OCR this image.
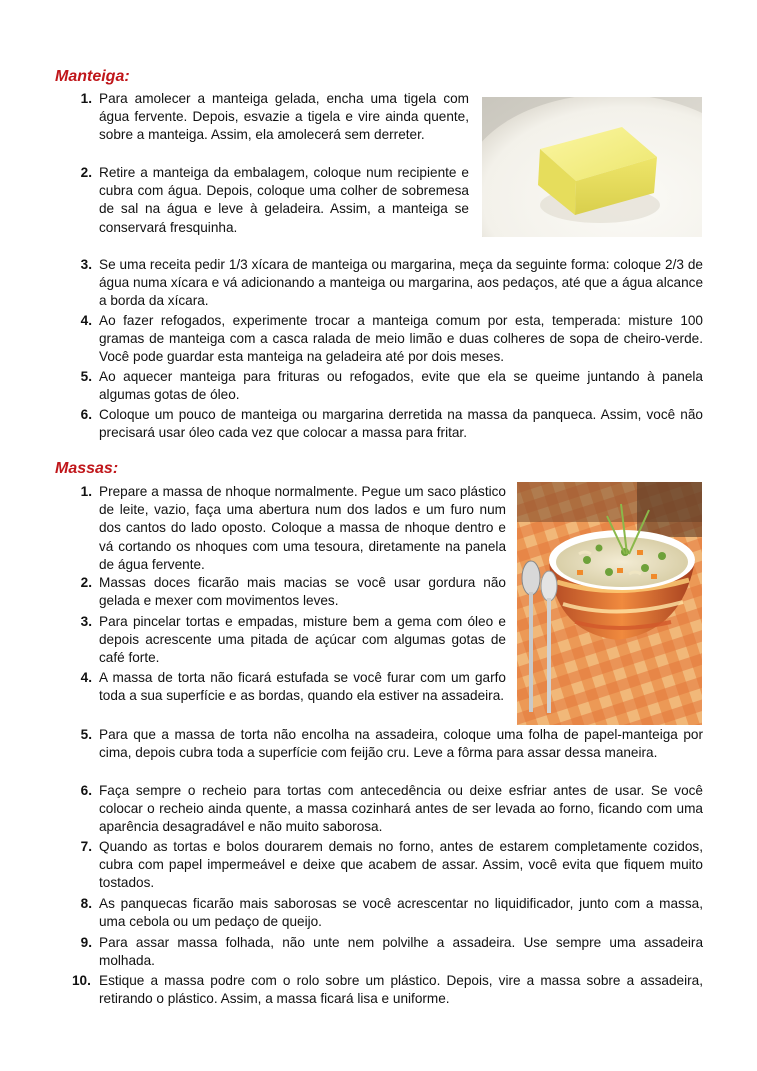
Manteiga:
1. Para amolecer a manteiga gelada, encha uma tigela com água fervente. Depois, esvazie a tigela e vire ainda quente, sobre a manteiga. Assim, ela amolecerá sem derreter.
2. Retire a manteiga da embalagem, coloque num recipiente e cubra com água. Depois, coloque uma colher de sobremesa de sal na água e leve à geladeira. Assim, a manteiga se conservará fresquinha.
3. Se uma receita pedir 1/3 xícara de manteiga ou margarina, meça da seguinte forma: coloque 2/3 de água numa xícara e vá adicionando a manteiga ou margarina, aos pedaços, até que a água alcance a borda da xícara.
4. Ao fazer refogados, experimente trocar a manteiga comum por esta, temperada: misture 100 gramas de manteiga com a casca ralada de meio limão e duas colheres de sopa de cheiro-verde. Você pode guardar esta manteiga na geladeira até por dois meses.
5. Ao aquecer manteiga para frituras ou refogados, evite que ela se queime juntando à panela algumas gotas de óleo.
6. Coloque um pouco de manteiga ou margarina derretida na massa da panqueca. Assim, você não precisará usar óleo cada vez que colocar a massa para fritar.
Massas:
1. Prepare a massa de nhoque normalmente. Pegue um saco plástico de leite, vazio, faça uma abertura num dos lados e um furo num dos cantos do lado oposto. Coloque a massa de nhoque dentro e vá cortando os nhoques com uma tesoura, diretamente na panela de água fervente.
2. Massas doces ficarão mais macias se você usar gordura não gelada e mexer com movimentos leves.
3. Para pincelar tortas e empadas, misture bem a gema com óleo e depois acrescente uma pitada de açúcar com algumas gotas de café forte.
4. A massa de torta não ficará estufada se você furar com um garfo toda a sua superfície e as bordas, quando ela estiver na assadeira.
5. Para que a massa de torta não encolha na assadeira, coloque uma folha de papel-manteiga por cima, depois cubra toda a superfície com feijão cru. Leve a fôrma para assar dessa maneira.
6. Faça sempre o recheio para tortas com antecedência ou deixe esfriar antes de usar. Se você colocar o recheio ainda quente, a massa cozinhará antes de ser levada ao forno, ficando com uma aparência desagradável e não muito saborosa.
7. Quando as tortas e bolos dourarem demais no forno, antes de estarem completamente cozidos, cubra com papel impermeável e deixe que acabem de assar. Assim, você evita que fiquem muito tostados.
8. As panquecas ficarão mais saborosas se você acrescentar no liquidificador, junto com a massa, uma cebola ou um pedaço de queijo.
9. Para assar massa folhada, não unte nem polvilhe a assadeira. Use sempre uma assadeira molhada.
10. Estique a massa podre com o rolo sobre um plástico. Depois, vire a massa sobre a assadeira, retirando o plástico. Assim, a massa ficará lisa e uniforme.
